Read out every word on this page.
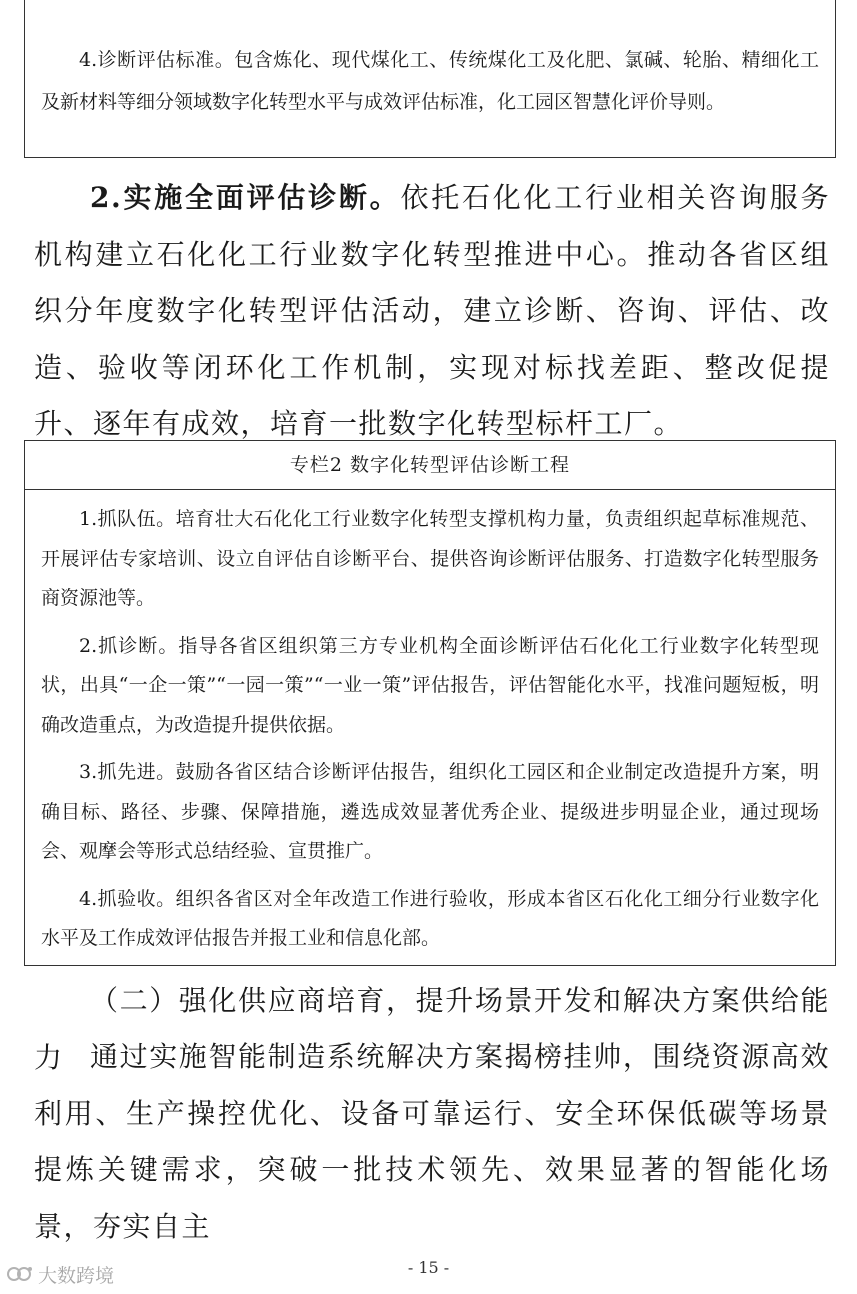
4.诊断评估标准。包含炼化、现代煤化工、传统煤化工及化肥、氯碱、轮胎、精细化工及新材料等细分领域数字化转型水平与成效评估标准，化工园区智慧化评价导则。

2.实施全面评估诊断。依托石化化工行业相关咨询服务机构建立石化化工行业数字化转型推进中心。推动各省区组织分年度数字化转型评估活动，建立诊断、咨询、评估、改造、验收等闭环化工作机制，实现对标找差距、整改促提升、逐年有成效，培育一批数字化转型标杆工厂。

专栏2 数字化转型评估诊断工程

1.抓队伍。培育壮大石化化工行业数字化转型支撑机构力量，负责组织起草标准规范、开展评估专家培训、设立自评估自诊断平台、提供咨询诊断评估服务、打造数字化转型服务商资源池等。

2.抓诊断。指导各省区组织第三方专业机构全面诊断评估石化化工行业数字化转型现状，出具“一企一策”“一园一策”“一业一策”评估报告，评估智能化水平，找准问题短板，明确改造重点，为改造提升提供依据。

3.抓先进。鼓励各省区结合诊断评估报告，组织化工园区和企业制定改造提升方案，明确目标、路径、步骤、保障措施，遴选成效显著优秀企业、提级进步明显企业，通过现场会、观摩会等形式总结经验、宣贯推广。

4.抓验收。组织各省区对全年改造工作进行验收，形成本省区石化化工细分行业数字化水平及工作成效评估报告并报工业和信息化部。

（二）强化供应商培育，提升场景开发和解决方案供给能力 通过实施智能制造系统解决方案揭榜挂帅，围绕资源高效利用、生产操控优化、设备可靠运行、安全环保低碳等场景提炼关键需求，突破一批技术领先、效果显著的智能化场景，夯实自主

- 15 -
大数跨境
